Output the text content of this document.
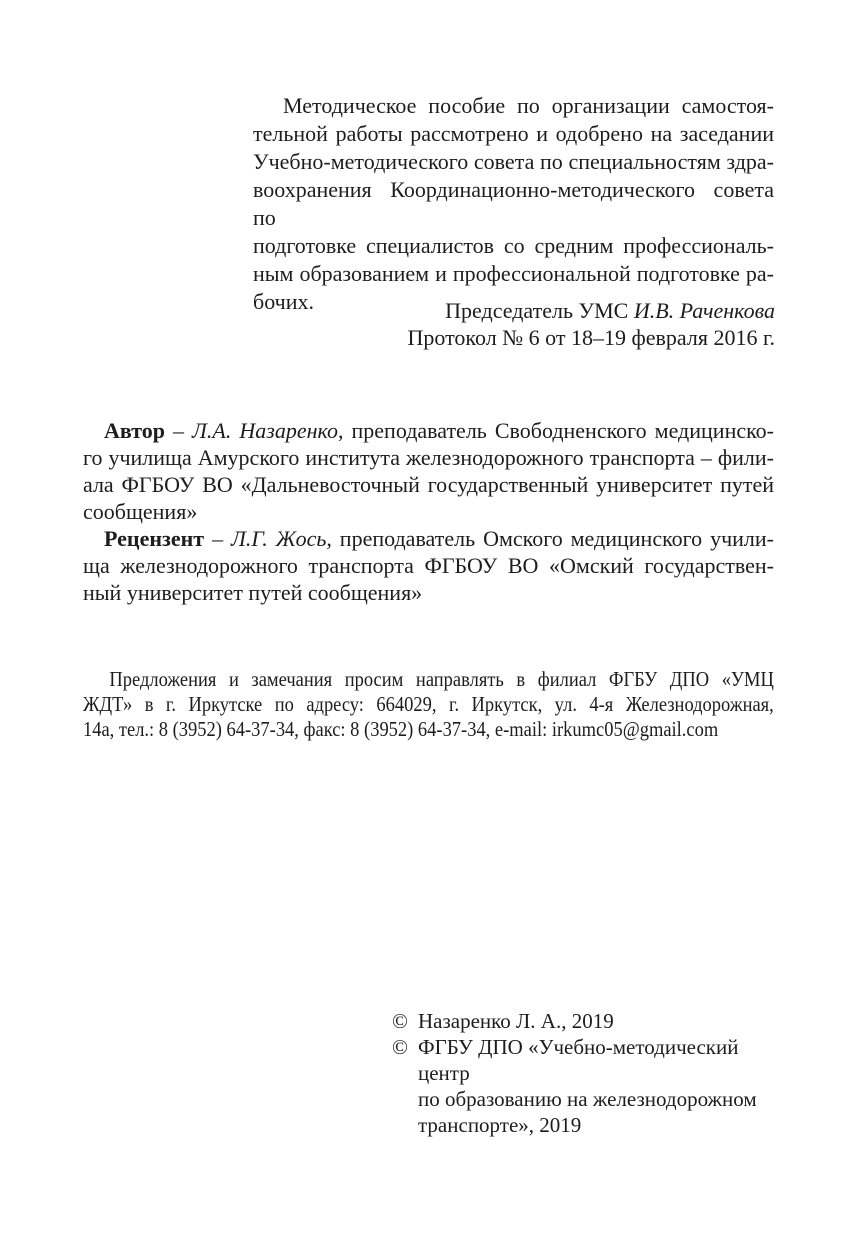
Методическое пособие по организации самостоя-
тельной работы рассмотрено и одобрено на заседании
Учебно-методического совета по специальностям здра-
воохранения Координационно-методического совета по
подготовке специалистов со средним профессиональ-
ным образованием и профессиональной подготовке ра-
бочих.	Председатель УМС И.В. Раченкова
Протокол № 6 от 18–19 февраля 2016 г.
Автор – Л.А. Назаренко, преподаватель Свободненского медицинско-
го училища Амурского института железнодорожного транспорта – фили-
ала ФГБОУ ВО «Дальневосточный государственный университет путей
сообщения»
Рецензент – Л.Г. Жось, преподаватель Омского медицинского учили-
ща железнодорожного транспорта ФГБОУ ВО «Омский государствен-
ный университет путей сообщения»
Предложения и замечания просим направлять в филиал ФГБУ ДПО «УМЦ
ЖДТ» в г. Иркутске по адресу: 664029, г. Иркутск, ул. 4-я Железнодорожная,
14а, тел.: 8 (3952) 64-37-34, факс: 8 (3952) 64-37-34, e-mail: irkumc05@gmail.com
© Назаренко Л. А., 2019
© ФГБУ ДПО «Учебно-методический центр
по образованию на железнодорожном
транспорте», 2019
